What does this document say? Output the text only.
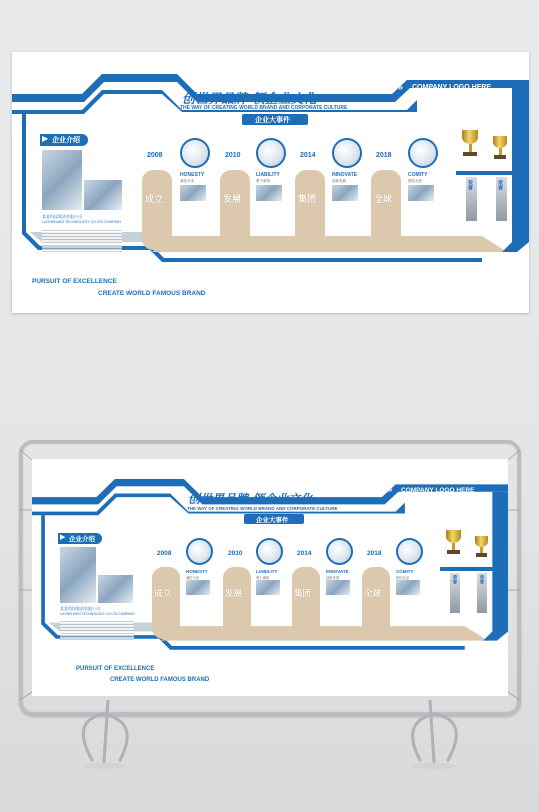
创世界品牌 领企业文化
THE WAY OF CREATING WORLD BRAND AND CORPORATE CULTURE
企业大事件
» COMPANY LOGO HERE
▶ 企业介绍
某某科技集团有限公司
LUOHEHANG TECHNOLOGY CO.LTD COMPANY
2008
成立
HONESTY
诚信为本
2010
发展
LIABILITY
勇于承担
2014
集团
INNOVATE
创新发展
2018
全球
COMITY
团结友爱	荣誉	荣誉
PURSUIT OF EXCELLENCE
CREATE WORLD FAMOUS BRAND
创世界品牌 领企业文化
THE WAY OF CREATING WORLD BRAND AND CORPORATE CULTURE
企业大事件
» COMPANY LOGO HERE
▶ 企业介绍
某某科技集团有限公司
LUOHEHANG TECHNOLOGY CO.LTD COMPANY
2008
成立
HONESTY
诚信为本
2010
发展
LIABILITY
勇于承担
2014
集团
INNOVATE
创新发展
2018
全球
COMITY
团结友爱	荣誉	荣誉
PURSUIT OF EXCELLENCE
CREATE WORLD FAMOUS BRAND
